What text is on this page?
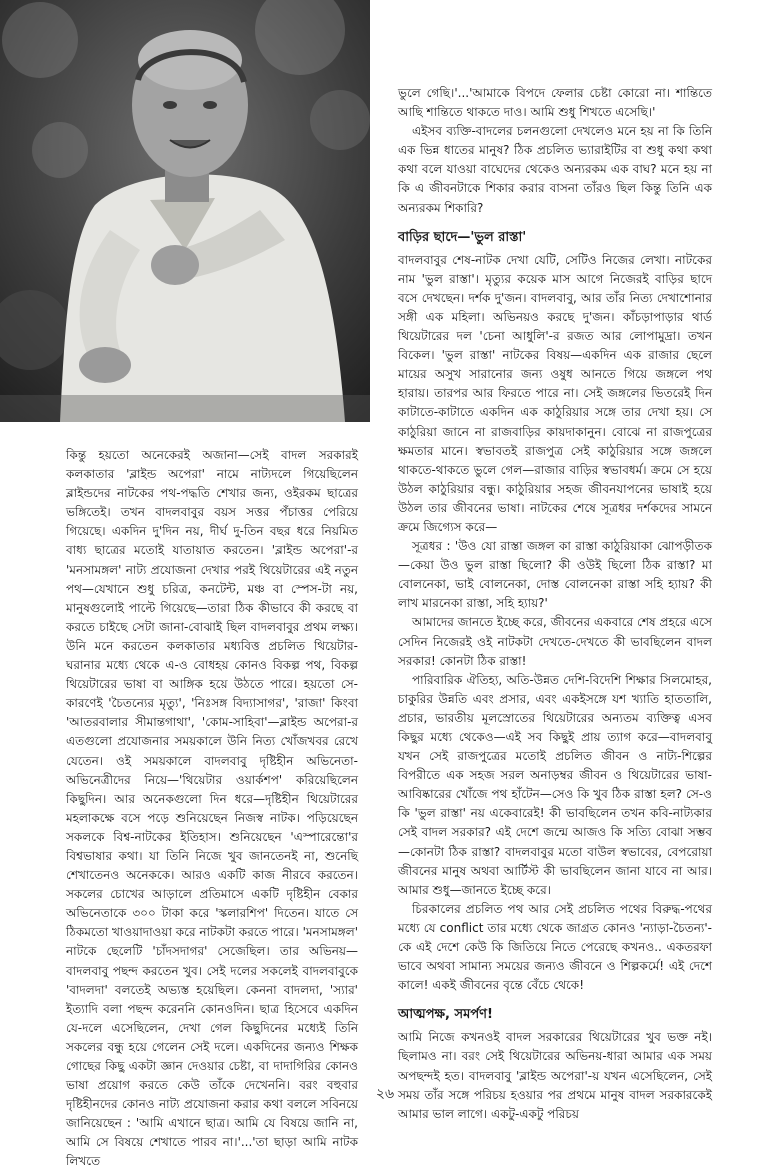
কিন্তু হয়তো অনেকেরই অজানা—সেই বাদল সরকারই কলকাতার 'ব্লাইন্ড অপেরা' নামে নাট্যদলে গিয়েছিলেন ব্লাইন্ডদের নাটকের পথ-পদ্ধতি শেখার জন্য, ওইরকম ছাত্রের ভঙ্গিতেই। তখন বাদলবাবুর বয়স সত্তর পঁচাত্তর পেরিয়ে গিয়েছে। একদিন দু'দিন নয়, দীর্ঘ দু-তিন বছর ধরে নিয়মিত বাধ্য ছাত্রের মতোই যাতায়াত করতেন। 'ব্লাইন্ড অপেরা'-র 'মনসামঙ্গল' নাট্য প্রযোজনা দেখার পরই থিয়েটারের এই নতুন পথ—যেখানে শুধু চরিত্র, কনটেন্ট, মঞ্চ বা স্পেস-টা নয়, মানুষগুলোই পাল্টে গিয়েছে—তারা ঠিক কীভাবে কী করছে বা করতে চাইছে সেটা জানা-বোঝাই ছিল বাদলবাবুর প্রথম লক্ষ্য। উনি মনে করতেন কলকাতার মধ্যবিত্ত প্রচলিত থিয়েটার-ঘরানার মধ্যে থেকে এ-ও বোধহয় কোনও বিকল্প পথ, বিকল্প থিয়েটারের ভাষা বা আঙ্গিক হয়ে উঠতে পারে। হয়তো সে-কারণেই 'চৈতন্যের মৃত্যু', 'নিঃসঙ্গ বিদ্যাসাগর', 'রাজা' কিংবা 'আতরবালার সীমান্তগাথা', 'কোম-সাহিবা'—ব্লাইন্ড অপেরা-র এতগুলো প্রযোজনার সময়কালে উনি নিত্য খোঁজখবর রেখে যেতেন। ওই সময়কালে বাদলবাবু দৃষ্টিহীন অভিনেতা-অভিনেত্রীদের নিয়ে—'থিয়েটার ওয়ার্কশপ' করিয়েছিলেন কিছুদিন। আর অনেকগুলো দিন ধরে—দৃষ্টিহীন থিয়েটারের মহলাকক্ষে বসে পড়ে শুনিয়েছেন নিজস্ব নাটক। পড়িয়েছেন সকলকে বিশ্ব-নাটকের ইতিহাস। শুনিয়েছেন 'এস্পারেন্তো'র বিশ্বভাষার কথা। যা তিনি নিজে খুব জানতেনই না, শুনেছি শেখাতেনও অনেককে। আরও একটি কাজ নীরবে করতেন। সকলের চোখের আড়ালে প্রতিমাসে একটি দৃষ্টিহীন বেকার অভিনেতাকে ৩০০ টাকা করে 'স্কলারশিপ' দিতেন। যাতে সে ঠিকমতো খাওয়াদাওয়া করে নাটকটা করতে পারে। 'মনসামঙ্গল' নাটকে ছেলেটি 'চাঁদসদাগর' সেজেছিল। তার অভিনয়—বাদলবাবু পছন্দ করতেন খুব। সেই দলের সকলেই বাদলবাবুকে 'বাদলদা' বলতেই অভ্যস্ত হয়েছিল। কেননা বাদলদা, 'স্যার' ইত্যাদি বলা পছন্দ করেননি কোনওদিন। ছাত্র হিসেবে একদিন যে-দলে এসেছিলেন, দেখা গেল কিছুদিনের মধ্যেই তিনি সকলের বন্ধু হয়ে গেলেন সেই দলে। একদিনের জন্যও শিক্ষক গোছের কিছু একটা জ্ঞান দেওয়ার চেষ্টা, বা দাদাগিরির কোনও ভাষা প্রয়োগ করতে কেউ তাঁকে দেখেননি। বরং বহুবার দৃষ্টিহীনদের কোনও নাট্য প্রযোজনা করার কথা বললে সবিনয়ে জানিয়েছেন : 'আমি এখানে ছাত্র। আমি যে বিষয়ে জানি না, আমি সে বিষয়ে শেখাতে পারব না।'...'তা ছাড়া আমি নাটক লিখতে

ভুলে গেছি।'...'আমাকে বিপদে ফেলার চেষ্টা কোরো না। শান্তিতে আছি শান্তিতে থাকতে দাও। আমি শুধু শিখতে এসেছি।'

এইসব ব্যক্তি-বাদলের চলনগুলো দেখলেও মনে হয় না কি তিনি এক ভিন্ন ধাতের মানুষ? ঠিক প্রচলিত ভ্যারাইটির বা শুধু কথা কথা কথা বলে যাওয়া বাঘেদের থেকেও অন্যরকম এক বাঘ? মনে হয় না কি এ জীবনটাকে শিকার করার বাসনা তাঁরও ছিল কিন্তু তিনি এক অন্যরকম শিকারি?

বাড়ির ছাদে—'ভুল রাস্তা'

বাদলবাবুর শেষ-নাটক দেখা যেটি, সেটিও নিজের লেখা। নাটকের নাম 'ভুল রাস্তা'। মৃত্যুর কয়েক মাস আগে নিজেরই বাড়ির ছাদে বসে দেখছেন। দর্শক দু'জন। বাদলবাবু, আর তাঁর নিত্য দেখাশোনার সঙ্গী এক মহিলা। অভিনয়ও করছে দু'জন। কাঁচড়াপাড়ার থার্ড থিয়েটারের দল 'চেনা আধুলি'-র রজত আর লোপামুদ্রা। তখন বিকেল। 'ভুল রাস্তা' নাটকের বিষয়—একদিন এক রাজার ছেলে মায়ের অসুখ সারানোর জন্য ওষুধ আনতে গিয়ে জঙ্গলে পথ হারায়। তারপর আর ফিরতে পারে না। সেই জঙ্গলের ভিতরেই দিন কাটাতে-কাটাতে একদিন এক কাঠুরিয়ার সঙ্গে তার দেখা হয়। সে কাঠুরিয়া জানে না রাজবাড়ির কায়দাকানুন। বোঝে না রাজপুত্রের ক্ষমতার মানে। স্বভাবতই রাজপুত্র সেই কাঠুরিয়ার সঙ্গে জঙ্গলে থাকতে-থাকতে ভুলে গেল—রাজার বাড়ির স্বভাবধর্ম। ক্রমে সে হয়ে উঠল কাঠুরিয়ার বন্ধু। কাঠুরিয়ার সহজ জীবনযাপনের ভাষাই হয়ে উঠল তার জীবনের ভাষা। নাটকের শেষে সূত্রধর দর্শকদের সামনে ক্রমে জিগ্যেস করে—

সূত্রধর : 'উও যো রাস্তা জঙ্গল কা রাস্তা কাঠুরিয়াকা ঝোপড়ীতক—কেয়া উও ভুল রাস্তা ছিলো? কী ওউই ছিলো ঠিক রাস্তা? মা বোলনেকা, ভাই বোলনেকা, দোস্ত বোলনেকা রাস্তা সহি হ্যায়? কী লাখ মারনেকা রাস্তা, সহি হ্যায়?'

আমাদের জানতে ইচ্ছে করে, জীবনের একবারে শেষ প্রহরে এসে সেদিন নিজেরই ওই নাটকটা দেখতে-দেখতে কী ভাবছিলেন বাদল সরকার! কোনটা ঠিক রাস্তা!

পারিবারিক ঐতিহ্য, অতি-উন্নত দেশি-বিদেশি শিক্ষার সিলমোহর, চাকুরির উন্নতি এবং প্রসার, এবং একইসঙ্গে যশ খ্যাতি হাততালি, প্রচার, ভারতীয় মূলস্রোতের থিয়েটারের অন্যতম ব্যক্তিত্ব এসব কিছুর মধ্যে থেকেও—এই সব কিছুই প্রায় ত্যাগ করে—বাদলবাবু যখন সেই রাজপুত্রের মতোই প্রচলিত জীবন ও নাট্য-শিল্পের বিপরীতে এক সহজ সরল অনাড়ম্বর জীবন ও থিয়েটারের ভাষা-আবিষ্কারের খোঁজে পথ হাঁটেন—সেও কি খুব ঠিক রাস্তা হল? সে-ও কি 'ভুল রাস্তা' নয় একেবারেই! কী ভাবছিলেন তখন কবি-নাট্যকার সেই বাদল সরকার? এই দেশে জন্মে আজও কি সত্যি বোঝা সম্ভব—কোনটা ঠিক রাস্তা? বাদলবাবুর মতো বাউল স্বভাবের, বেপরোয়া জীবনের মানুষ অথবা আর্টিস্ট কী ভাবছিলেন জানা যাবে না আর। আমার শুধু—জানতে ইচ্ছে করে।

চিরকালের প্রচলিত পথ আর সেই প্রচলিত পথের বিরুদ্ধ-পথের মধ্যে যে conflict তার মধ্যে থেকে জাগ্রত কোনও 'ন্যাড়া-চৈতন্য'-কে এই দেশে কেউ কি জিতিয়ে নিতে পেরেছে কখনও.. একতরফা ভাবে অথবা সামান্য সময়ের জন্যও জীবনে ও শিল্পকর্মে! এই দেশে কালে! একই জীবনের বৃন্তে বেঁচে থেকে!

আত্মপক্ষ, সমর্পণ!

আমি নিজে কখনওই বাদল সরকারের থিয়েটারের খুব ভক্ত নই। ছিলামও না। বরং সেই থিয়েটারের অভিনয়-ধারা আমার এক সময় অপছন্দই হত। বাদলবাবু 'ব্লাইন্ড অপেরা'-য় যখন এসেছিলেন, সেই সময় তাঁর সঙ্গে পরিচয় হওয়ার পর প্রথমে মানুষ বাদল সরকারকেই আমার ভাল লাগে। একটু-একটু পরিচয়

২৬
